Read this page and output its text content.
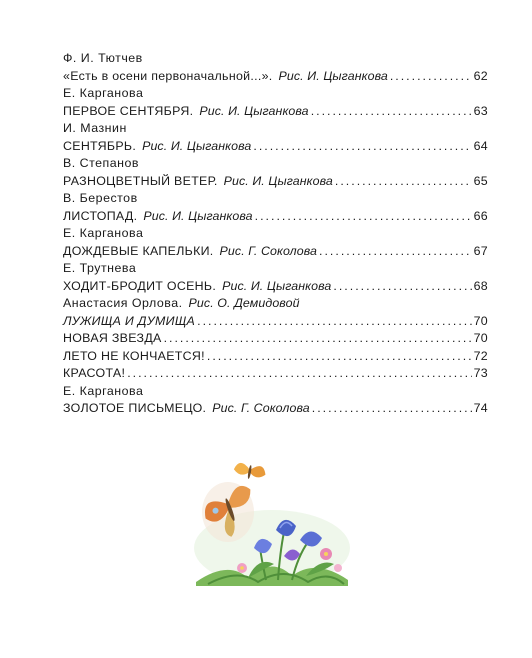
Ф. И. Тютчев
«Есть в осени первоначальной...». Рис. И. Цыганкова .....	62
Е. Карганова
ПЕРВОЕ СЕНТЯБРЯ. Рис. И. Цыганкова .....	63
И. Мазнин
СЕНТЯБРЬ. Рис. И. Цыганкова .....	64
В. Степанов
РАЗНОЦВЕТНЫЙ ВЕТЕР. Рис. И. Цыганкова .....	65
В. Берестов
ЛИСТОПАД. Рис. И. Цыганкова .....	66
Е. Карганова
ДОЖДЕВЫЕ КАПЕЛЬКИ. Рис. Г. Соколова .....	67
Е. Трутнева
ХОДИТ-БРОДИТ ОСЕНЬ. Рис. И. Цыганкова .....	68
Анастасия Орлова. Рис. О. Демидовой
ЛУЖИЩА И ДУМИЩА .....	70
НОВАЯ ЗВЕЗДА .....	70
ЛЕТО НЕ КОНЧАЕТСЯ! .....	72
КРАСОТА! .....	73
Е. Карганова
ЗОЛОТОЕ ПИСЬМЕЦО. Рис. Г. Соколова .....	74
